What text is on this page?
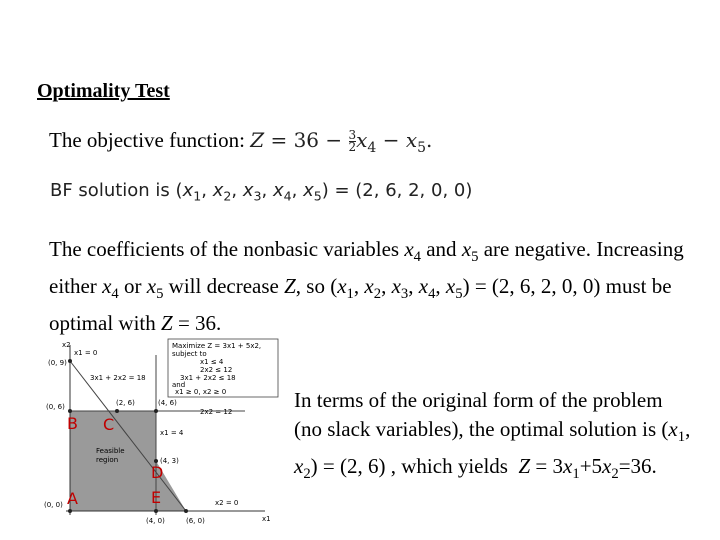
Optimality Test
The objective function: $Z = 36 - \frac{3}{2} x_4 - x_5$.
BF solution is ($x_1$, $x_2$, $x_3$, $x_4$, $x_5) = (2$, 6, 2, 0, 0)
The coefficients of the nonbasic variables $x_4$ and $x_5$ are negative. Increasing either $x_4$ or $x_5$ will decrease Z, so ($x_1$, $x_2$, $x_3$, $x_4$, $x_5) = (2$, 6, 2, 0, 0) must be optimal with Z = 36.
Maximize Z = 3x1 + 5x2,
subject to
x1 ≤ 4
2x2 ≤ 12
3x1 + 2x2 ≤ 18
and
x1 ≥ 0, x2 ≥ 0
x2
x1
x1 = 0
3x1 + 2x2 = 18
2x2 = 12
x1 = 4
x2 = 0
(0, 9)
(0, 6)	(2, 6)	(4, 6)
(4, 3)
(0, 0)
(4, 0)	(6, 0)
Feasible
region
B C
D
A	E
In terms of the original form of the problem (no slack variables), the optimal solution is ($x_1$, $x_2) = (2$, 6) , which yields  $Z = 3x_1+5x_2=36$.
